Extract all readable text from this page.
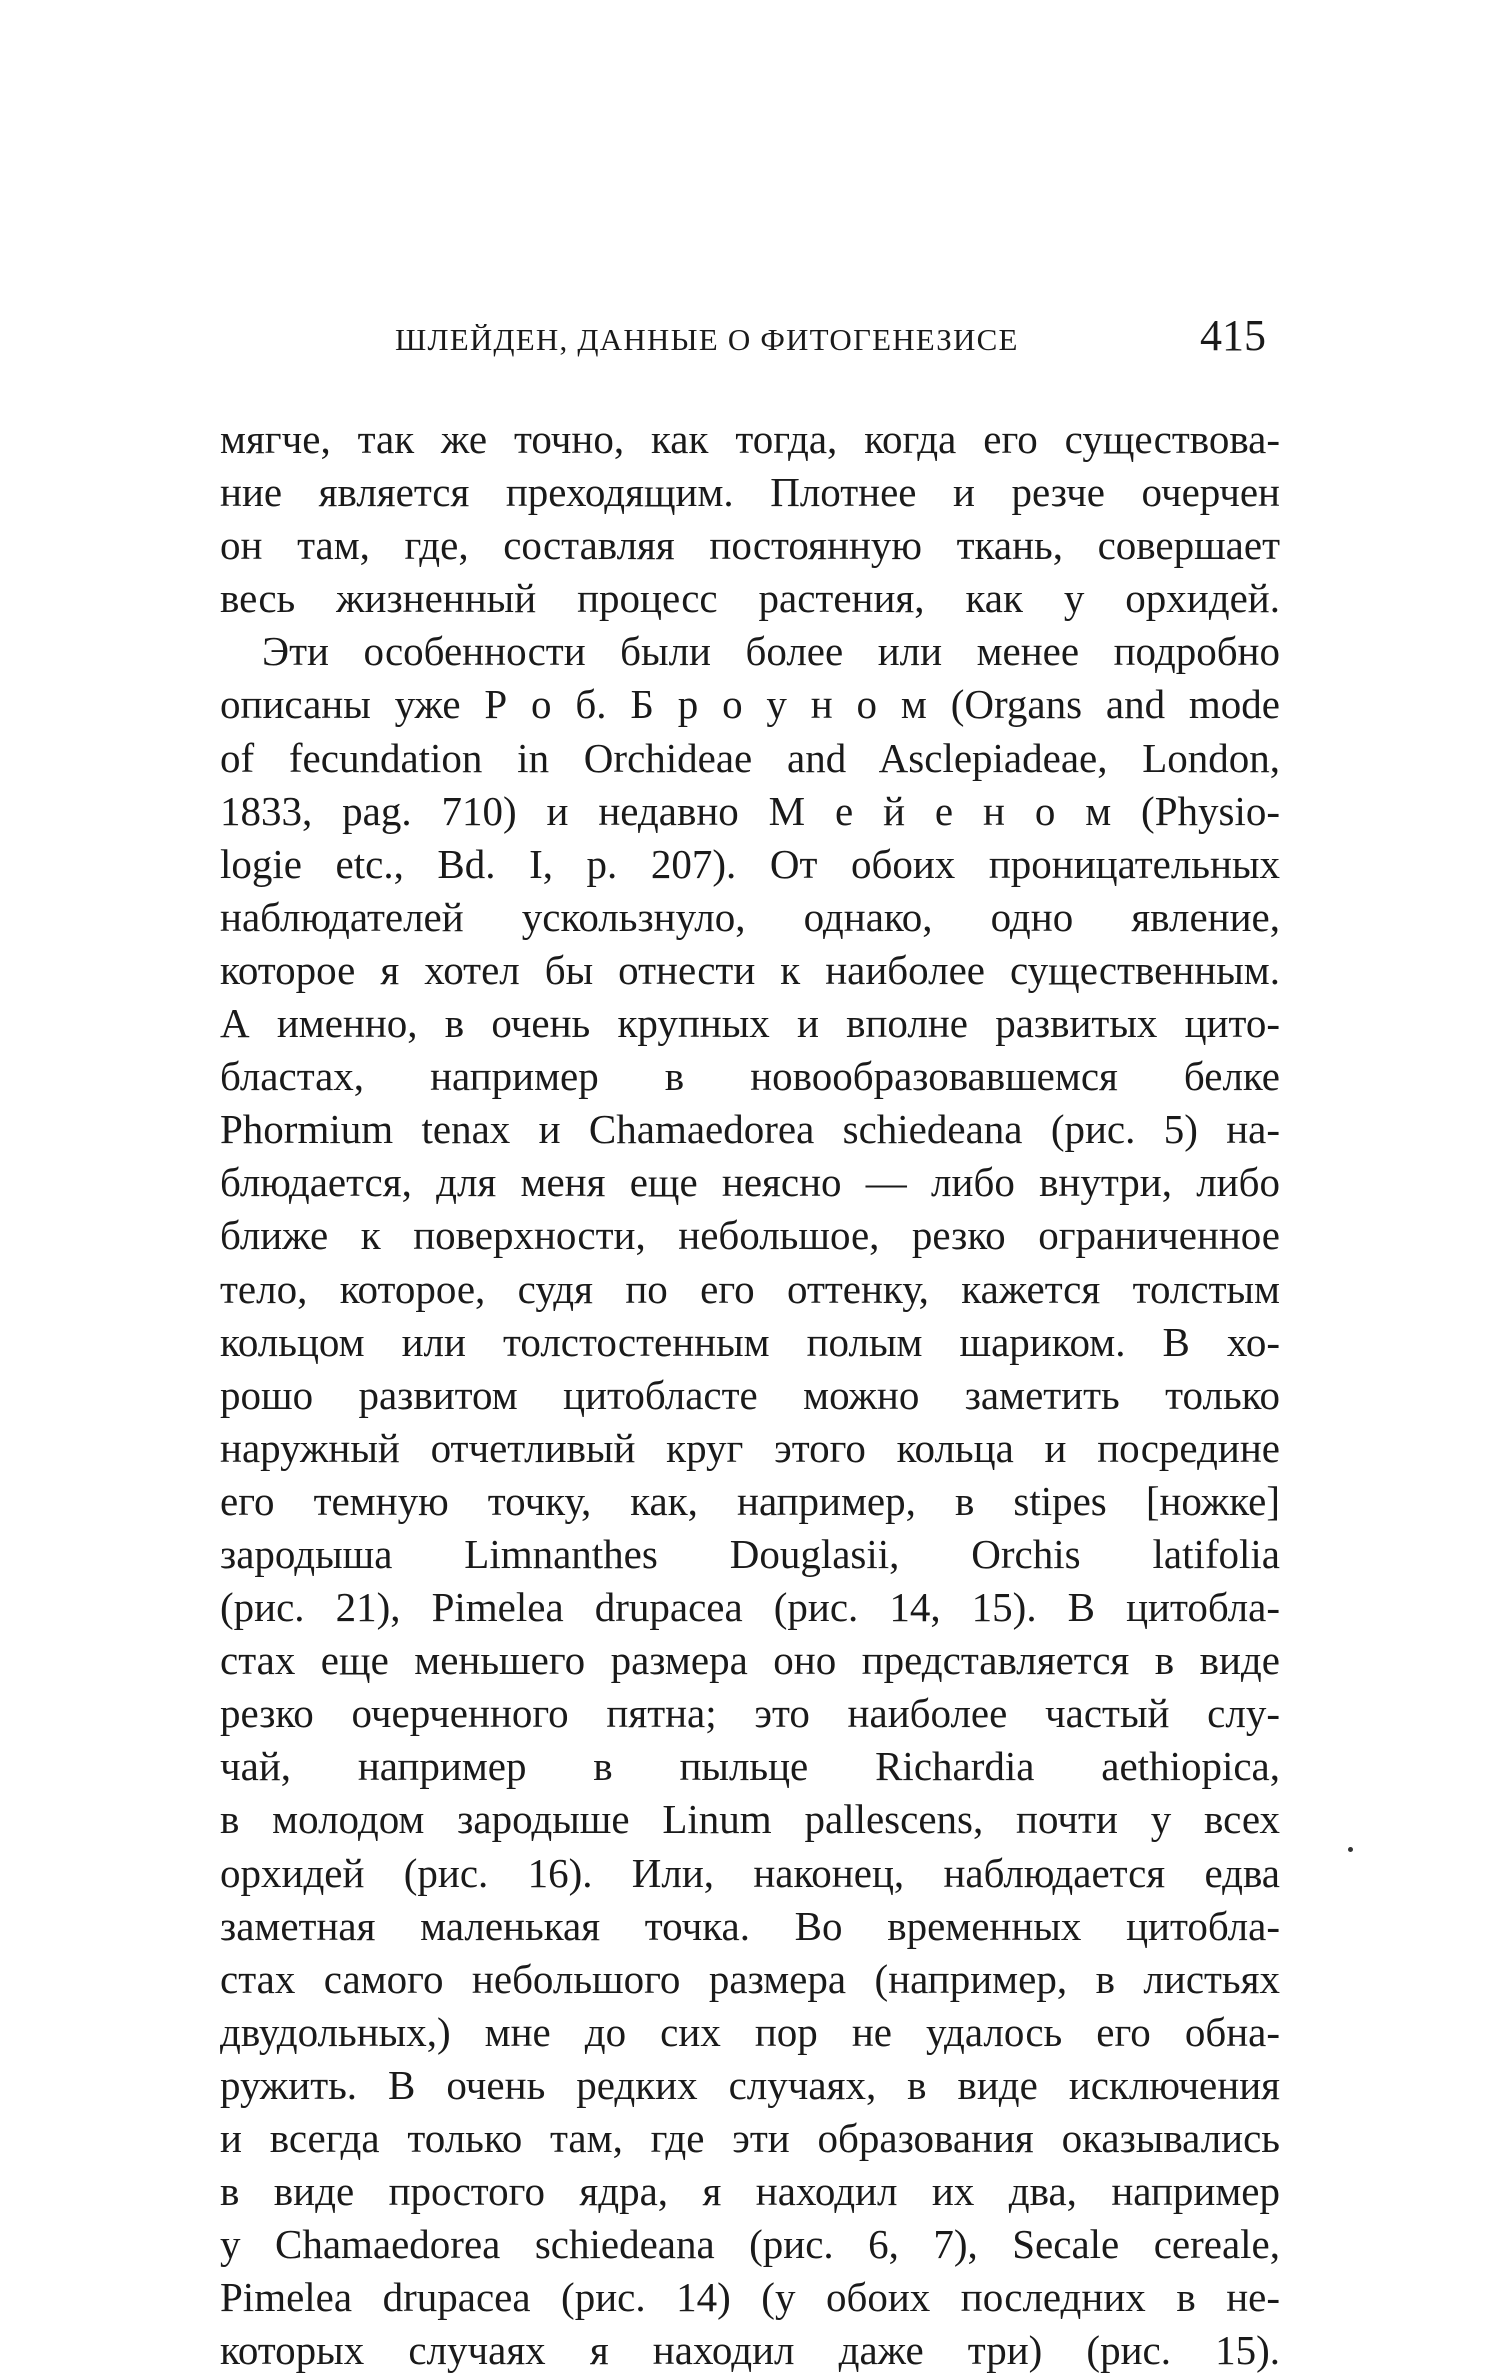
ШЛЕЙДЕН, ДАННЫЕ О ФИТОГЕНЕЗИСЕ	415
мягче, так же точно, как тогда, когда его существова-
ние является преходящим. Плотнее и резче очерчен
он там, где, составляя постоянную ткань, совершает
весь жизненный процесс растения, как у орхидей.
Эти особенности были более или менее подробно
описаны уже Р о б. Б р о у н о м (Organs and mode
of fecundation in Orchideae and Asclepiadeae, London,
1833, pag. 710) и недавно М е й е н о м (Physio-
logie etc., Bd. I, p. 207). От обоих проницательных
наблюдателей ускользнуло, однако, одно явление,
которое я хотел бы отнести к наиболее существенным.
А именно, в очень крупных и вполне развитых цито-
бластах, например в новообразовавшемся белке
Phormium tenax и Chamaedorea schiedeana (рис. 5) на-
блюдается, для меня еще неясно — либо внутри, либо
ближе к поверхности, небольшое, резко ограниченное
тело, которое, судя по его оттенку, кажется толстым
кольцом или толстостенным полым шариком. В хо-
рошо развитом цитобласте можно заметить только
наружный отчетливый круг этого кольца и посредине
его темную точку, как, например, в stipes [ножке]
зародыша Limnanthes Douglasii, Orchis latifolia
(рис. 21), Pimelea drupacea (рис. 14, 15). В цитобла-
стах еще меньшего размера оно представляется в виде
резко очерченного пятна; это наиболее частый слу-
чай, например в пыльце Richardia aethiopica,
в молодом зародыше Linum pallescens, почти у всех
орхидей (рис. 16). Или, наконец, наблюдается едва
заметная маленькая точка. Во временных цитобла-
стах самого небольшого размера (например, в листьях
двудольных,) мне до сих пор не удалось его обна-
ружить. В очень редких случаях, в виде исключения
и всегда только там, где эти образования оказывались
в виде простого ядра, я находил их два, например
у Chamaedorea schiedeana (рис. 6, 7), Secale cereale,
Pimelea drupacea (рис. 14) (у обоих последних в не-
которых случаях я находил даже три) (рис. 15).
